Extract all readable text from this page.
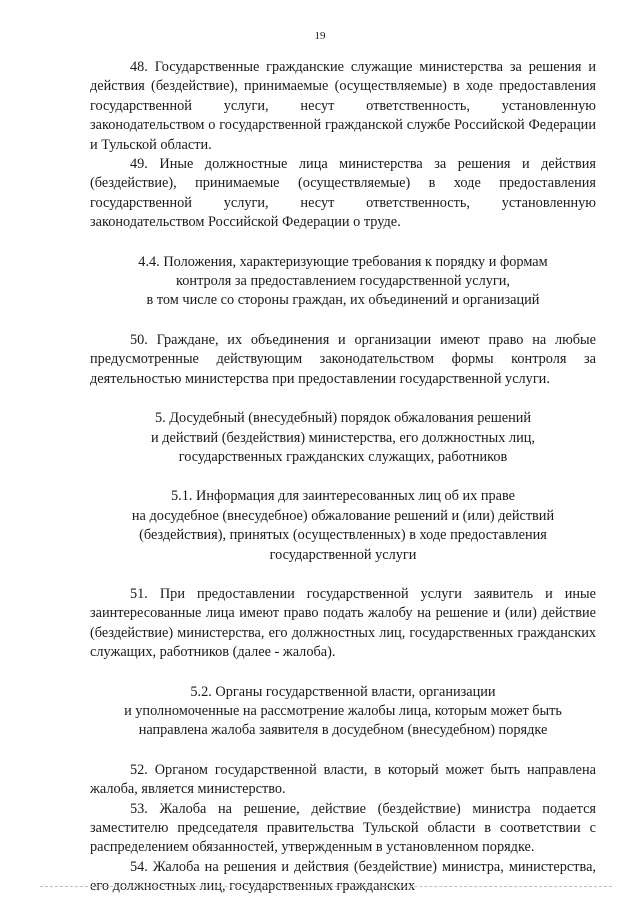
19

48. Государственные гражданские служащие министерства за решения и действия (бездействие), принимаемые (осуществляемые) в ходе предоставления государственной услуги, несут ответственность, установленную законодательством о государственной гражданской службе Российской Федерации и Тульской области.

49. Иные должностные лица министерства за решения и действия (бездействие), принимаемые (осуществляемые) в ходе предоставления государственной услуги, несут ответственность, установленную законодательством Российской Федерации о труде.

4.4. Положения, характеризующие требования к порядку и формам
контроля за предоставлением государственной услуги,
в том числе со стороны граждан, их объединений и организаций

50. Граждане, их объединения и организации имеют право на любые предусмотренные действующим законодательством формы контроля за деятельностью министерства при предоставлении государственной услуги.

5. Досудебный (внесудебный) порядок обжалования решений
и действий (бездействия) министерства, его должностных лиц,
государственных гражданских служащих, работников
5.1. Информация для заинтересованных лиц об их праве
на досудебное (внесудебное) обжалование решений и (или) действий
(бездействия), принятых (осуществленных) в ходе предоставления
государственной услуги

51. При предоставлении государственной услуги заявитель и иные заинтересованные лица имеют право подать жалобу на решение и (или) действие (бездействие) министерства, его должностных лиц, государственных гражданских служащих, работников (далее - жалоба).

5.2. Органы государственной власти, организации
и уполномоченные на рассмотрение жалобы лица, которым может быть
направлена жалоба заявителя в досудебном (внесудебном) порядке

52. Органом государственной власти, в который может быть направлена жалоба, является министерство.

53. Жалоба на решение, действие (бездействие) министра подается заместителю председателя правительства Тульской области в соответствии с распределением обязанностей, утвержденным в установленном порядке.

54. Жалоба на решения и действия (бездействие) министра, министерства, его должностных лиц, государственных гражданских
